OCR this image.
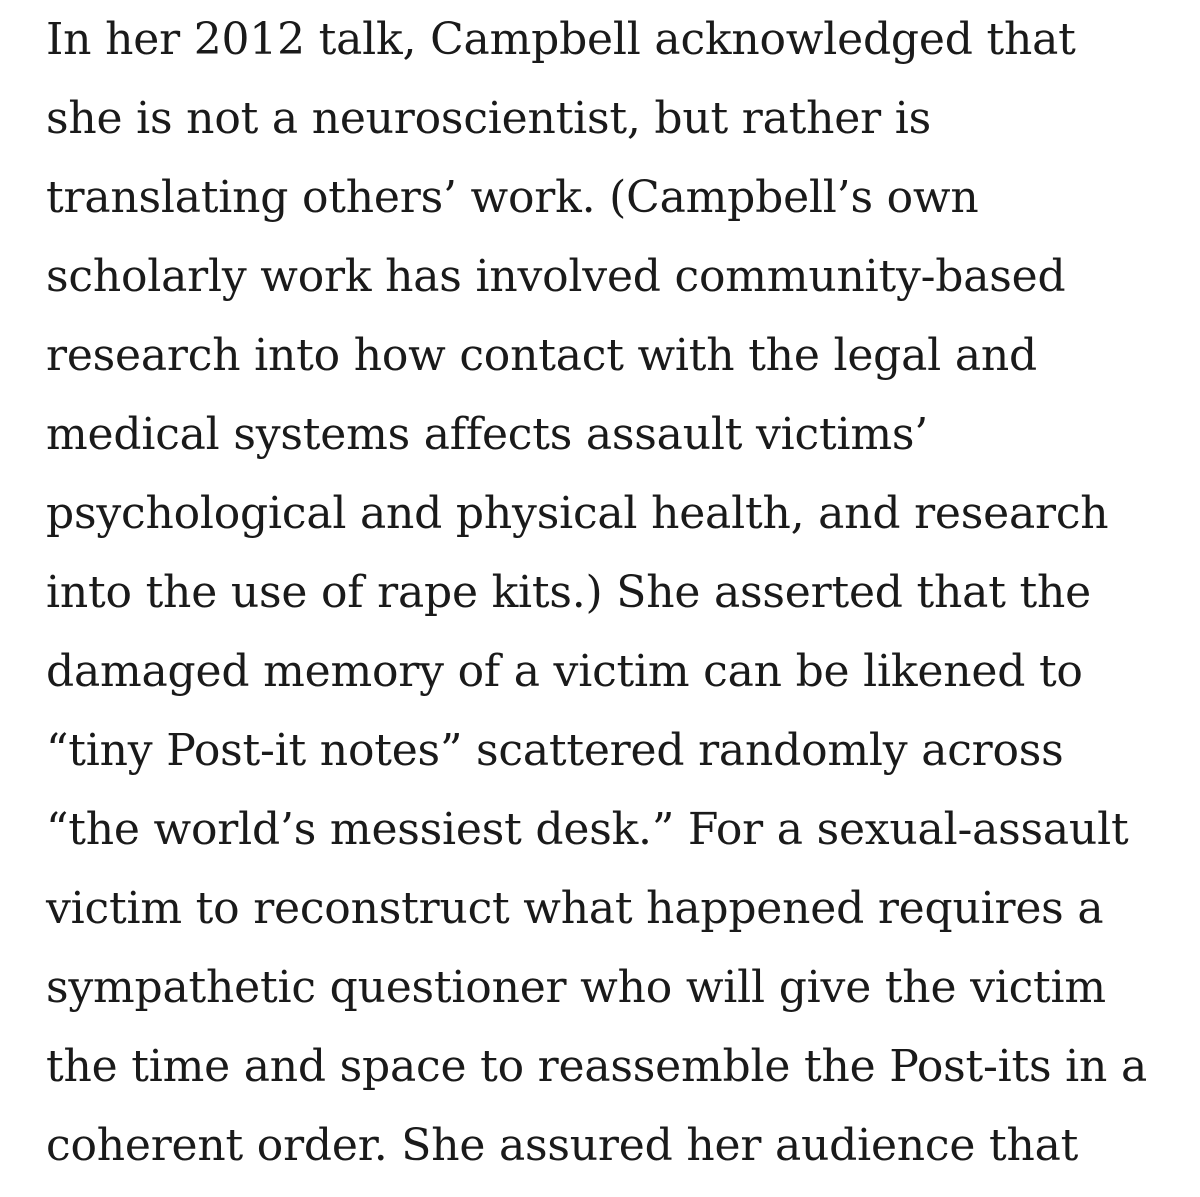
In her 2012 talk, Campbell acknowledged that
she is not a neuroscientist, but rather is
translating others’ work. (Campbell’s own
scholarly work has involved community-based
research into how contact with the legal and
medical systems affects assault victims’
psychological and physical health, and research
into the use of rape kits.) She asserted that the
damaged memory of a victim can be likened to
“tiny Post-it notes” scattered randomly across
“the world’s messiest desk.” For a sexual-assault
victim to reconstruct what happened requires a
sympathetic questioner who will give the victim
the time and space to reassemble the Post-its in a
coherent order. She assured her audience that
